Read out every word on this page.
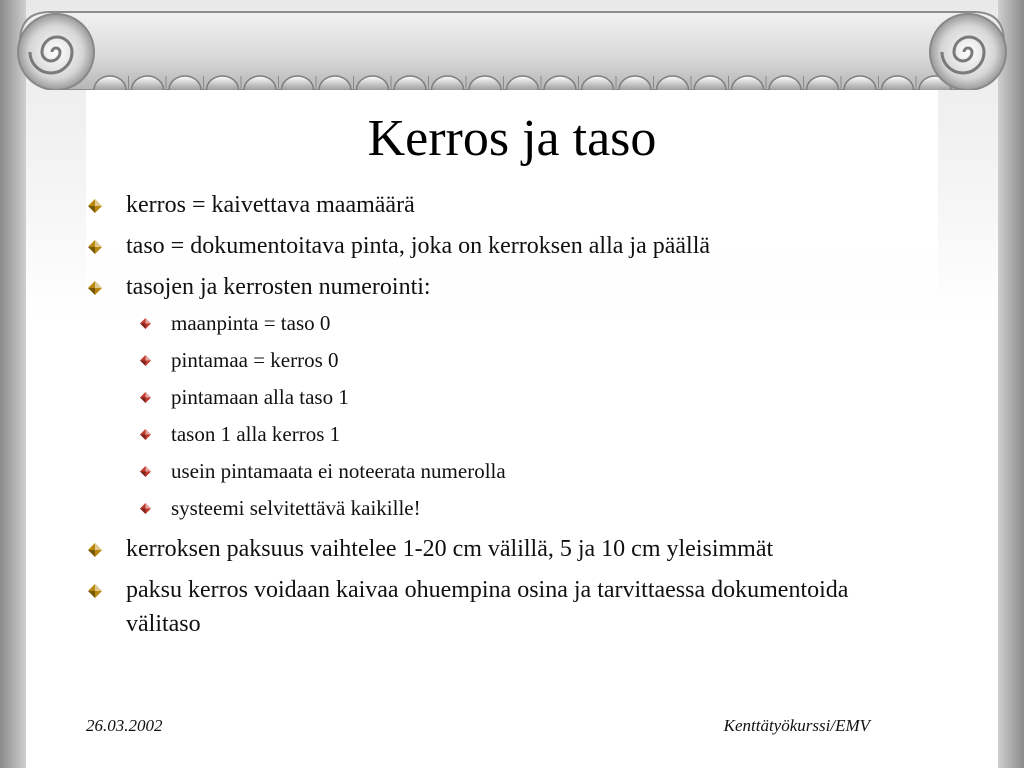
Kerros ja taso
kerros = kaivettava maamäärä
taso = dokumentoitava pinta, joka on kerroksen alla ja päällä
tasojen ja kerrosten numerointi:
maanpinta = taso 0
pintamaa = kerros 0
pintamaan alla taso 1
tason 1 alla kerros 1
usein pintamaata ei noteerata numerolla
systeemi selvitettävä kaikille!
kerroksen paksuus vaihtelee 1-20 cm välillä, 5 ja 10 cm yleisimmät
paksu kerros voidaan kaivaa ohuempina osina ja tarvittaessa dokumentoida välitaso
26.03.2002	Kenttätyökurssi/EMV
